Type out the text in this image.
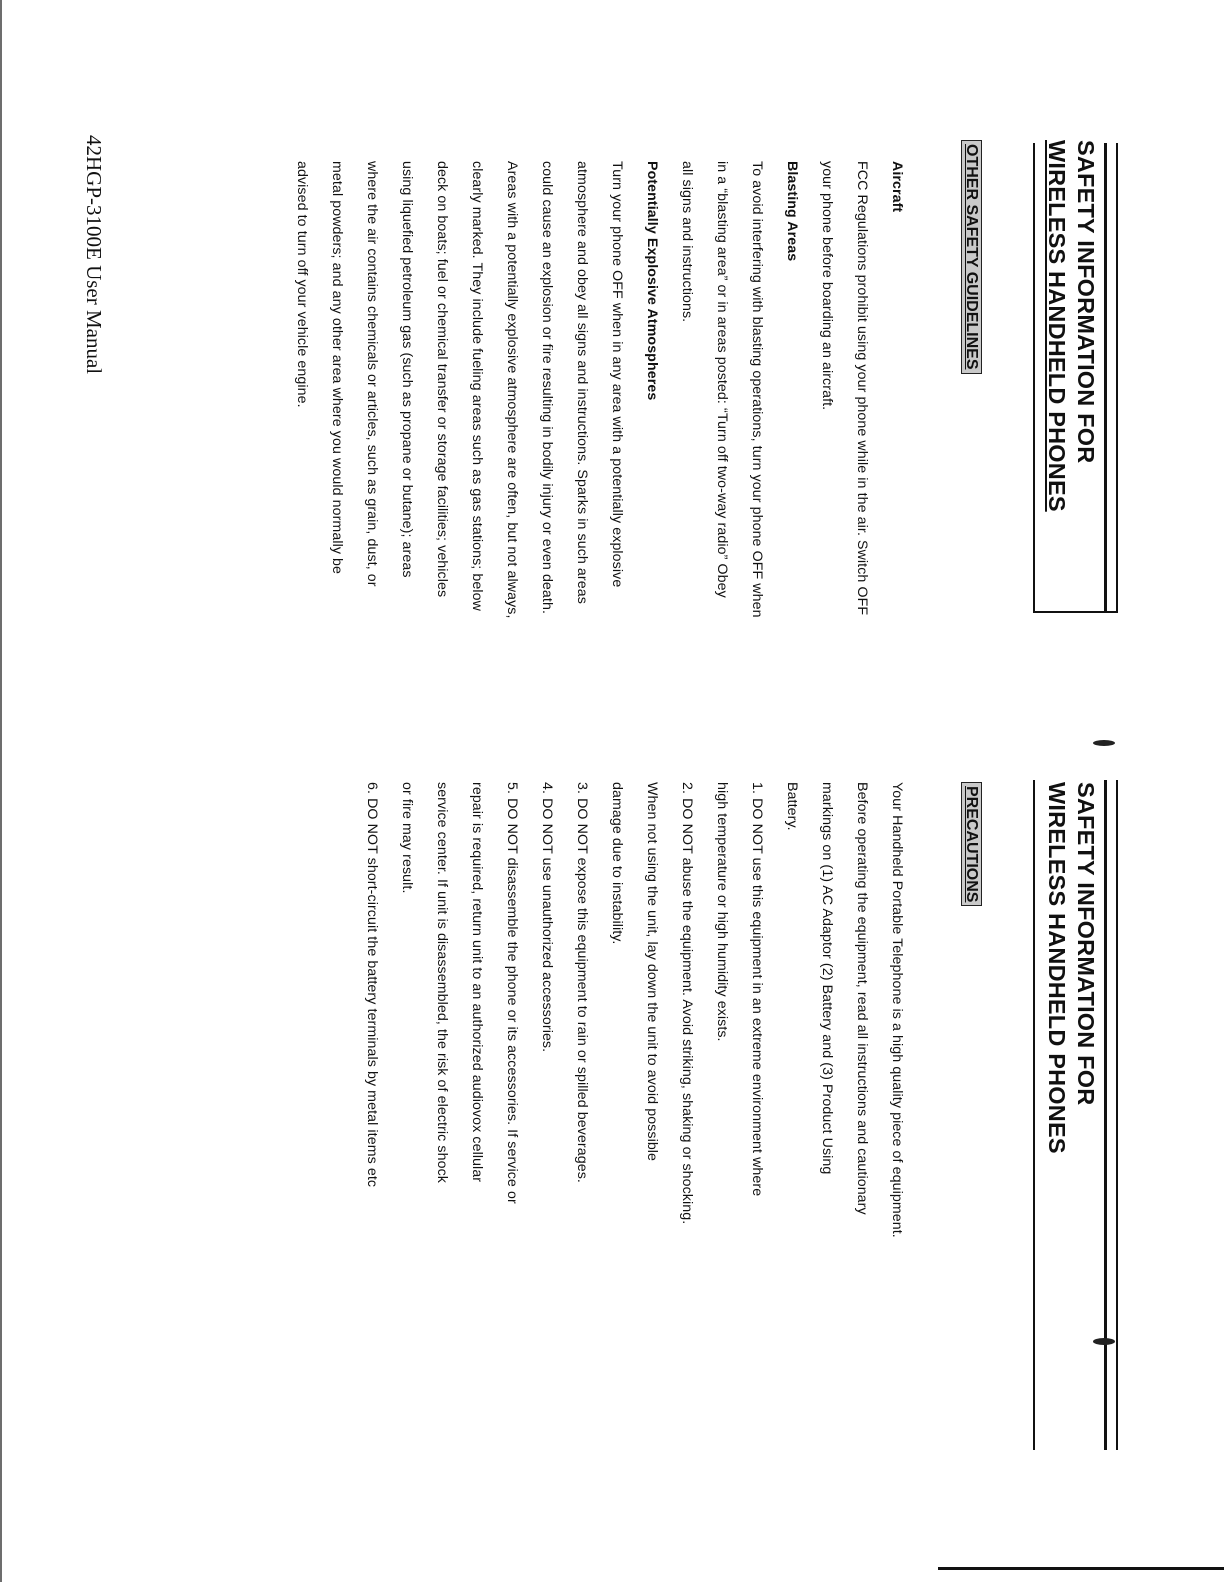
SAFETY INFORMATION FOR
WIRELESS HANDHELD PHONES
OTHER SAFETY GUIDELINES
Aircraft
FCC Regulations prohibit using your phone while in the air. Switch OFF
your phone before boarding an aircraft.
Blasting Areas
To avoid interfering with blasting operations, turn your phone OFF when
in a “blasting area” or in areas posted: “Turn off two-way radio” Obey
all signs and instructions.
Potentially Explosive Atmospheres
Turn your phone OFF when in any area with a potentially explosive
atmosphere and obey all signs and instructions. Sparks in such areas
could cause an explosion or fire resulting in bodily injury or even death.
Areas with a potentially explosive atmosphere are often, but not always,
clearly marked. They include fueling areas such as gas stations; below
deck on boats; fuel or chemical transfer or storage facilities; vehicles
using liquefied petroleum gas (such as propane or butane); areas
where the air contains chemicals or articles, such as grain, dust, or
metal powders; and any other area where you would normally be
advised to turn off your vehicle engine.
42HGP-3100E User Manual
SAFETY INFORMATION FOR
WIRELESS HANDHELD PHONES
PRECAUTIONS
Your Handheld Portable Telephone is a high quality piece of equipment.
Before operating the equipment, read all instructions and cautionary
markings on (1) AC Adaptor (2) Battery and (3) Product Using
Battery.
1. DO NOT use this equipment in an extreme environment where
high temperature or high humidity exists.
2. DO NOT abuse the equipment. Avoid striking, shaking or shocking.
When not using the unit, lay down the unit to avoid possible
damage due to instability.
3. DO NOT expose this equipment to rain or spilled beverages.
4. DO NOT use unauthorized accessories.
5. DO NOT disassemble the phone or its accessories. If service or
repair is required, return unit to an authorized audiovox cellular
service center. If unit is disassembled, the risk of electric shock
or fire may result.
6. DO NOT short-circuit the battery terminals by metal items etc
